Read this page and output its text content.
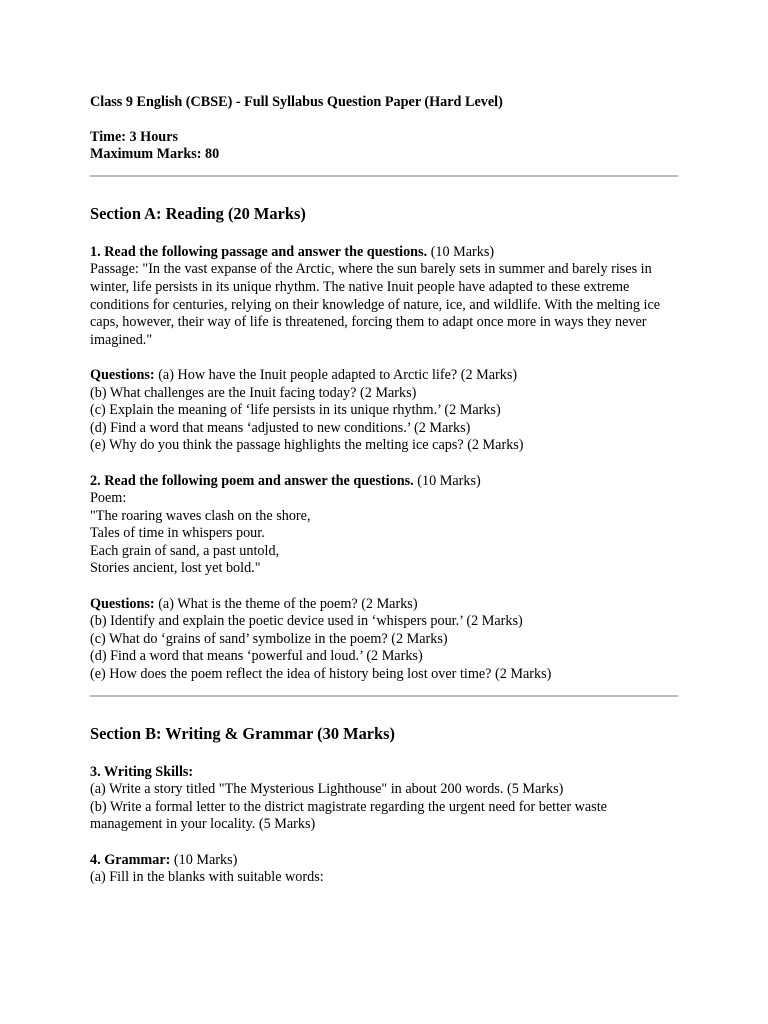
Class 9 English (CBSE) - Full Syllabus Question Paper (Hard Level)

Time: 3 Hours

Maximum Marks: 80

Section A: Reading (20 Marks)

1. Read the following passage and answer the questions. (10 Marks)

Passage: "In the vast expanse of the Arctic, where the sun barely sets in summer and barely rises in winter, life persists in its unique rhythm. The native Inuit people have adapted to these extreme conditions for centuries, relying on their knowledge of nature, ice, and wildlife. With the melting ice caps, however, their way of life is threatened, forcing them to adapt once more in ways they never imagined."

Questions: (a) How have the Inuit people adapted to Arctic life? (2 Marks)

(b) What challenges are the Inuit facing today? (2 Marks)

(c) Explain the meaning of ‘life persists in its unique rhythm.’ (2 Marks)

(d) Find a word that means ‘adjusted to new conditions.’ (2 Marks)

(e) Why do you think the passage highlights the melting ice caps? (2 Marks)

2. Read the following poem and answer the questions. (10 Marks)

Poem:

"The roaring waves clash on the shore,

Tales of time in whispers pour.

Each grain of sand, a past untold,

Stories ancient, lost yet bold."

Questions: (a) What is the theme of the poem? (2 Marks)

(b) Identify and explain the poetic device used in ‘whispers pour.’ (2 Marks)

(c) What do ‘grains of sand’ symbolize in the poem? (2 Marks)

(d) Find a word that means ‘powerful and loud.’ (2 Marks)

(e) How does the poem reflect the idea of history being lost over time? (2 Marks)

Section B: Writing & Grammar (30 Marks)

3. Writing Skills:

(a) Write a story titled "The Mysterious Lighthouse" in about 200 words. (5 Marks)

(b) Write a formal letter to the district magistrate regarding the urgent need for better waste management in your locality. (5 Marks)

4. Grammar: (10 Marks)

(a) Fill in the blanks with suitable words:
